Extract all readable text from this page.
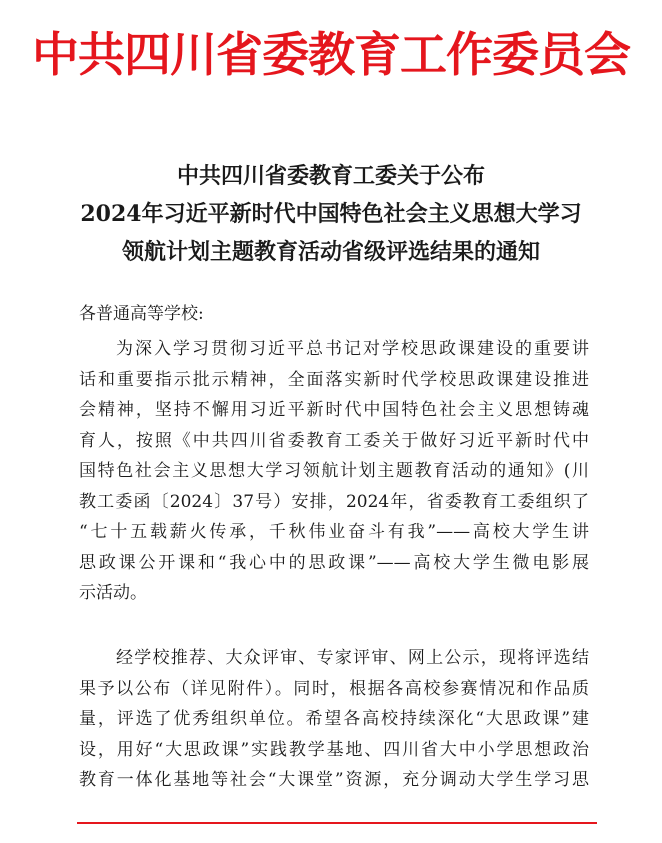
中共四川省委教育工作委员会
中共四川省委教育工委关于公布
2024年习近平新时代中国特色社会主义思想大学习
领航计划主题教育活动省级评选结果的通知
各普通高等学校:
为深入学习贯彻习近平总书记对学校思政课建设的重要讲
话和重要指示批示精神，全面落实新时代学校思政课建设推进
会精神，坚持不懈用习近平新时代中国特色社会主义思想铸魂
育人，按照《中共四川省委教育工委关于做好习近平新时代中
国特色社会主义思想大学习领航计划主题教育活动的通知》(川
教工委函〔2024〕37号）安排，2024年，省委教育工委组织了
“七十五载薪火传承，千秋伟业奋斗有我”——高校大学生讲
思政课公开课和“我心中的思政课”——高校大学生微电影展
示活动。
经学校推荐、大众评审、专家评审、网上公示，现将评选结
果予以公布（详见附件）。同时，根据各高校参赛情况和作品质
量，评选了优秀组织单位。希望各高校持续深化“大思政课”建
设，用好“大思政课”实践教学基地、四川省大中小学思想政治
教育一体化基地等社会“大课堂”资源，充分调动大学生学习思
